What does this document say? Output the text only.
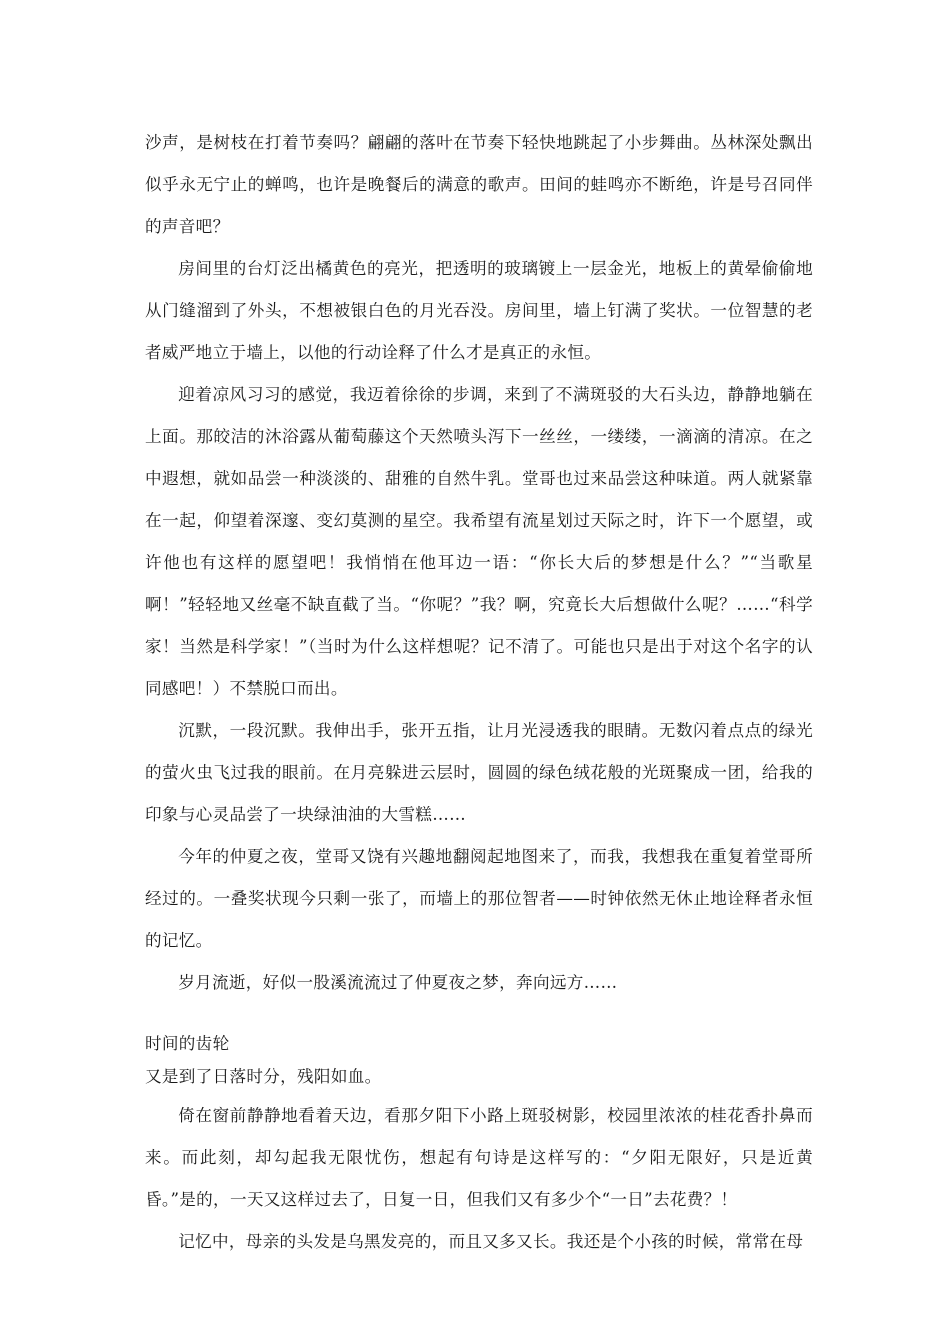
沙声，是树枝在打着节奏吗？翩翩的落叶在节奏下轻快地跳起了小步舞曲。丛林深处飘出似乎永无宁止的蝉鸣，也许是晚餐后的满意的歌声。田间的蛙鸣亦不断绝，许是号召同伴的声音吧？

房间里的台灯泛出橘黄色的亮光，把透明的玻璃镀上一层金光，地板上的黄晕偷偷地从门缝溜到了外头，不想被银白色的月光吞没。房间里，墙上钉满了奖状。一位智慧的老者威严地立于墙上，以他的行动诠释了什么才是真正的永恒。

迎着凉风习习的感觉，我迈着徐徐的步调，来到了不满斑驳的大石头边，静静地躺在上面。那皎洁的沐浴露从葡萄藤这个天然喷头泻下一丝丝，一缕缕，一滴滴的清凉。在之中遐想，就如品尝一种淡淡的、甜雅的自然牛乳。堂哥也过来品尝这种味道。两人就紧靠在一起，仰望着深邃、变幻莫测的星空。我希望有流星划过天际之时，许下一个愿望，或许他也有这样的愿望吧！我悄悄在他耳边一语：“你长大后的梦想是什么？”“当歌星啊！”轻轻地又丝毫不缺直截了当。“你呢？”我？啊，究竟长大后想做什么呢？……“科学家！当然是科学家！”（当时为什么这样想呢？记不清了。可能也只是出于对这个名字的认同感吧！）不禁脱口而出。

沉默，一段沉默。我伸出手，张开五指，让月光浸透我的眼睛。无数闪着点点的绿光的萤火虫飞过我的眼前。在月亮躲进云层时，圆圆的绿色绒花般的光斑聚成一团，给我的印象与心灵品尝了一块绿油油的大雪糕……

今年的仲夏之夜，堂哥又饶有兴趣地翻阅起地图来了，而我，我想我在重复着堂哥所经过的。一叠奖状现今只剩一张了，而墙上的那位智者——时钟依然无休止地诠释者永恒的记忆。

岁月流逝，好似一股溪流流过了仲夏夜之梦，奔向远方……

时间的齿轮

又是到了日落时分，残阳如血。

倚在窗前静静地看着天边，看那夕阳下小路上斑驳树影，校园里浓浓的桂花香扑鼻而来。而此刻，却勾起我无限忧伤，想起有句诗是这样写的：“夕阳无限好，只是近黄昏。”是的，一天又这样过去了，日复一日，但我们又有多少个“一日”去花费？！

记忆中，母亲的头发是乌黑发亮的，而且又多又长。我还是个小孩的时候，常常在母
